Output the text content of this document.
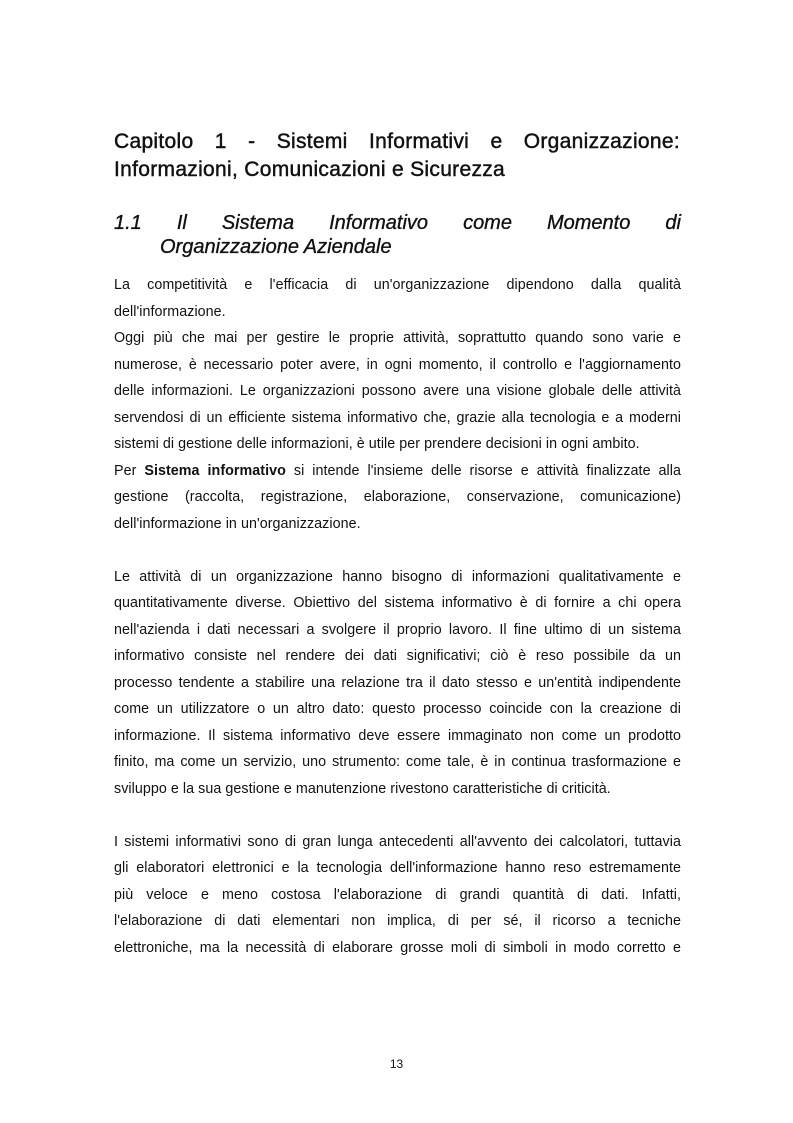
Capitolo 1 - Sistemi Informativi e Organizzazione:
Informazioni, Comunicazioni e Sicurezza
1.1 Il Sistema Informativo come Momento di
Organizzazione Aziendale
La competitività e l'efficacia di un'organizzazione dipendono dalla qualità
dell'informazione.
Oggi più che mai per gestire le proprie attività, soprattutto quando sono varie e
numerose, è necessario poter avere, in ogni momento, il controllo e l'aggiornamento
delle informazioni. Le organizzazioni possono avere una visione globale delle attività
servendosi di un efficiente sistema informativo che, grazie alla tecnologia e a moderni
sistemi di gestione delle informazioni, è utile per prendere decisioni in ogni ambito.
Per Sistema informativo si intende l'insieme delle risorse e attività finalizzate alla
gestione (raccolta, registrazione, elaborazione, conservazione, comunicazione)
dell'informazione in un'organizzazione.
Le attività di un organizzazione hanno bisogno di informazioni qualitativamente e
quantitativamente diverse. Obiettivo del sistema informativo è di fornire a chi opera
nell'azienda i dati necessari a svolgere il proprio lavoro. Il fine ultimo di un sistema
informativo consiste nel rendere dei dati significativi; ciò è reso possibile da un
processo tendente a stabilire una relazione tra il dato stesso e un'entità indipendente
come un utilizzatore o un altro dato: questo processo coincide con la creazione di
informazione. Il sistema informativo deve essere immaginato non come un prodotto
finito, ma come un servizio, uno strumento: come tale, è in continua trasformazione e
sviluppo e la sua gestione e manutenzione rivestono caratteristiche di criticità.
I sistemi informativi sono di gran lunga antecedenti all'avvento dei calcolatori, tuttavia
gli elaboratori elettronici e la tecnologia dell'informazione hanno reso estremamente
più veloce e meno costosa l'elaborazione di grandi quantità di dati. Infatti,
l'elaborazione di dati elementari non implica, di per sé, il ricorso a tecniche
elettroniche, ma la necessità di elaborare grosse moli di simboli in modo corretto e
13
